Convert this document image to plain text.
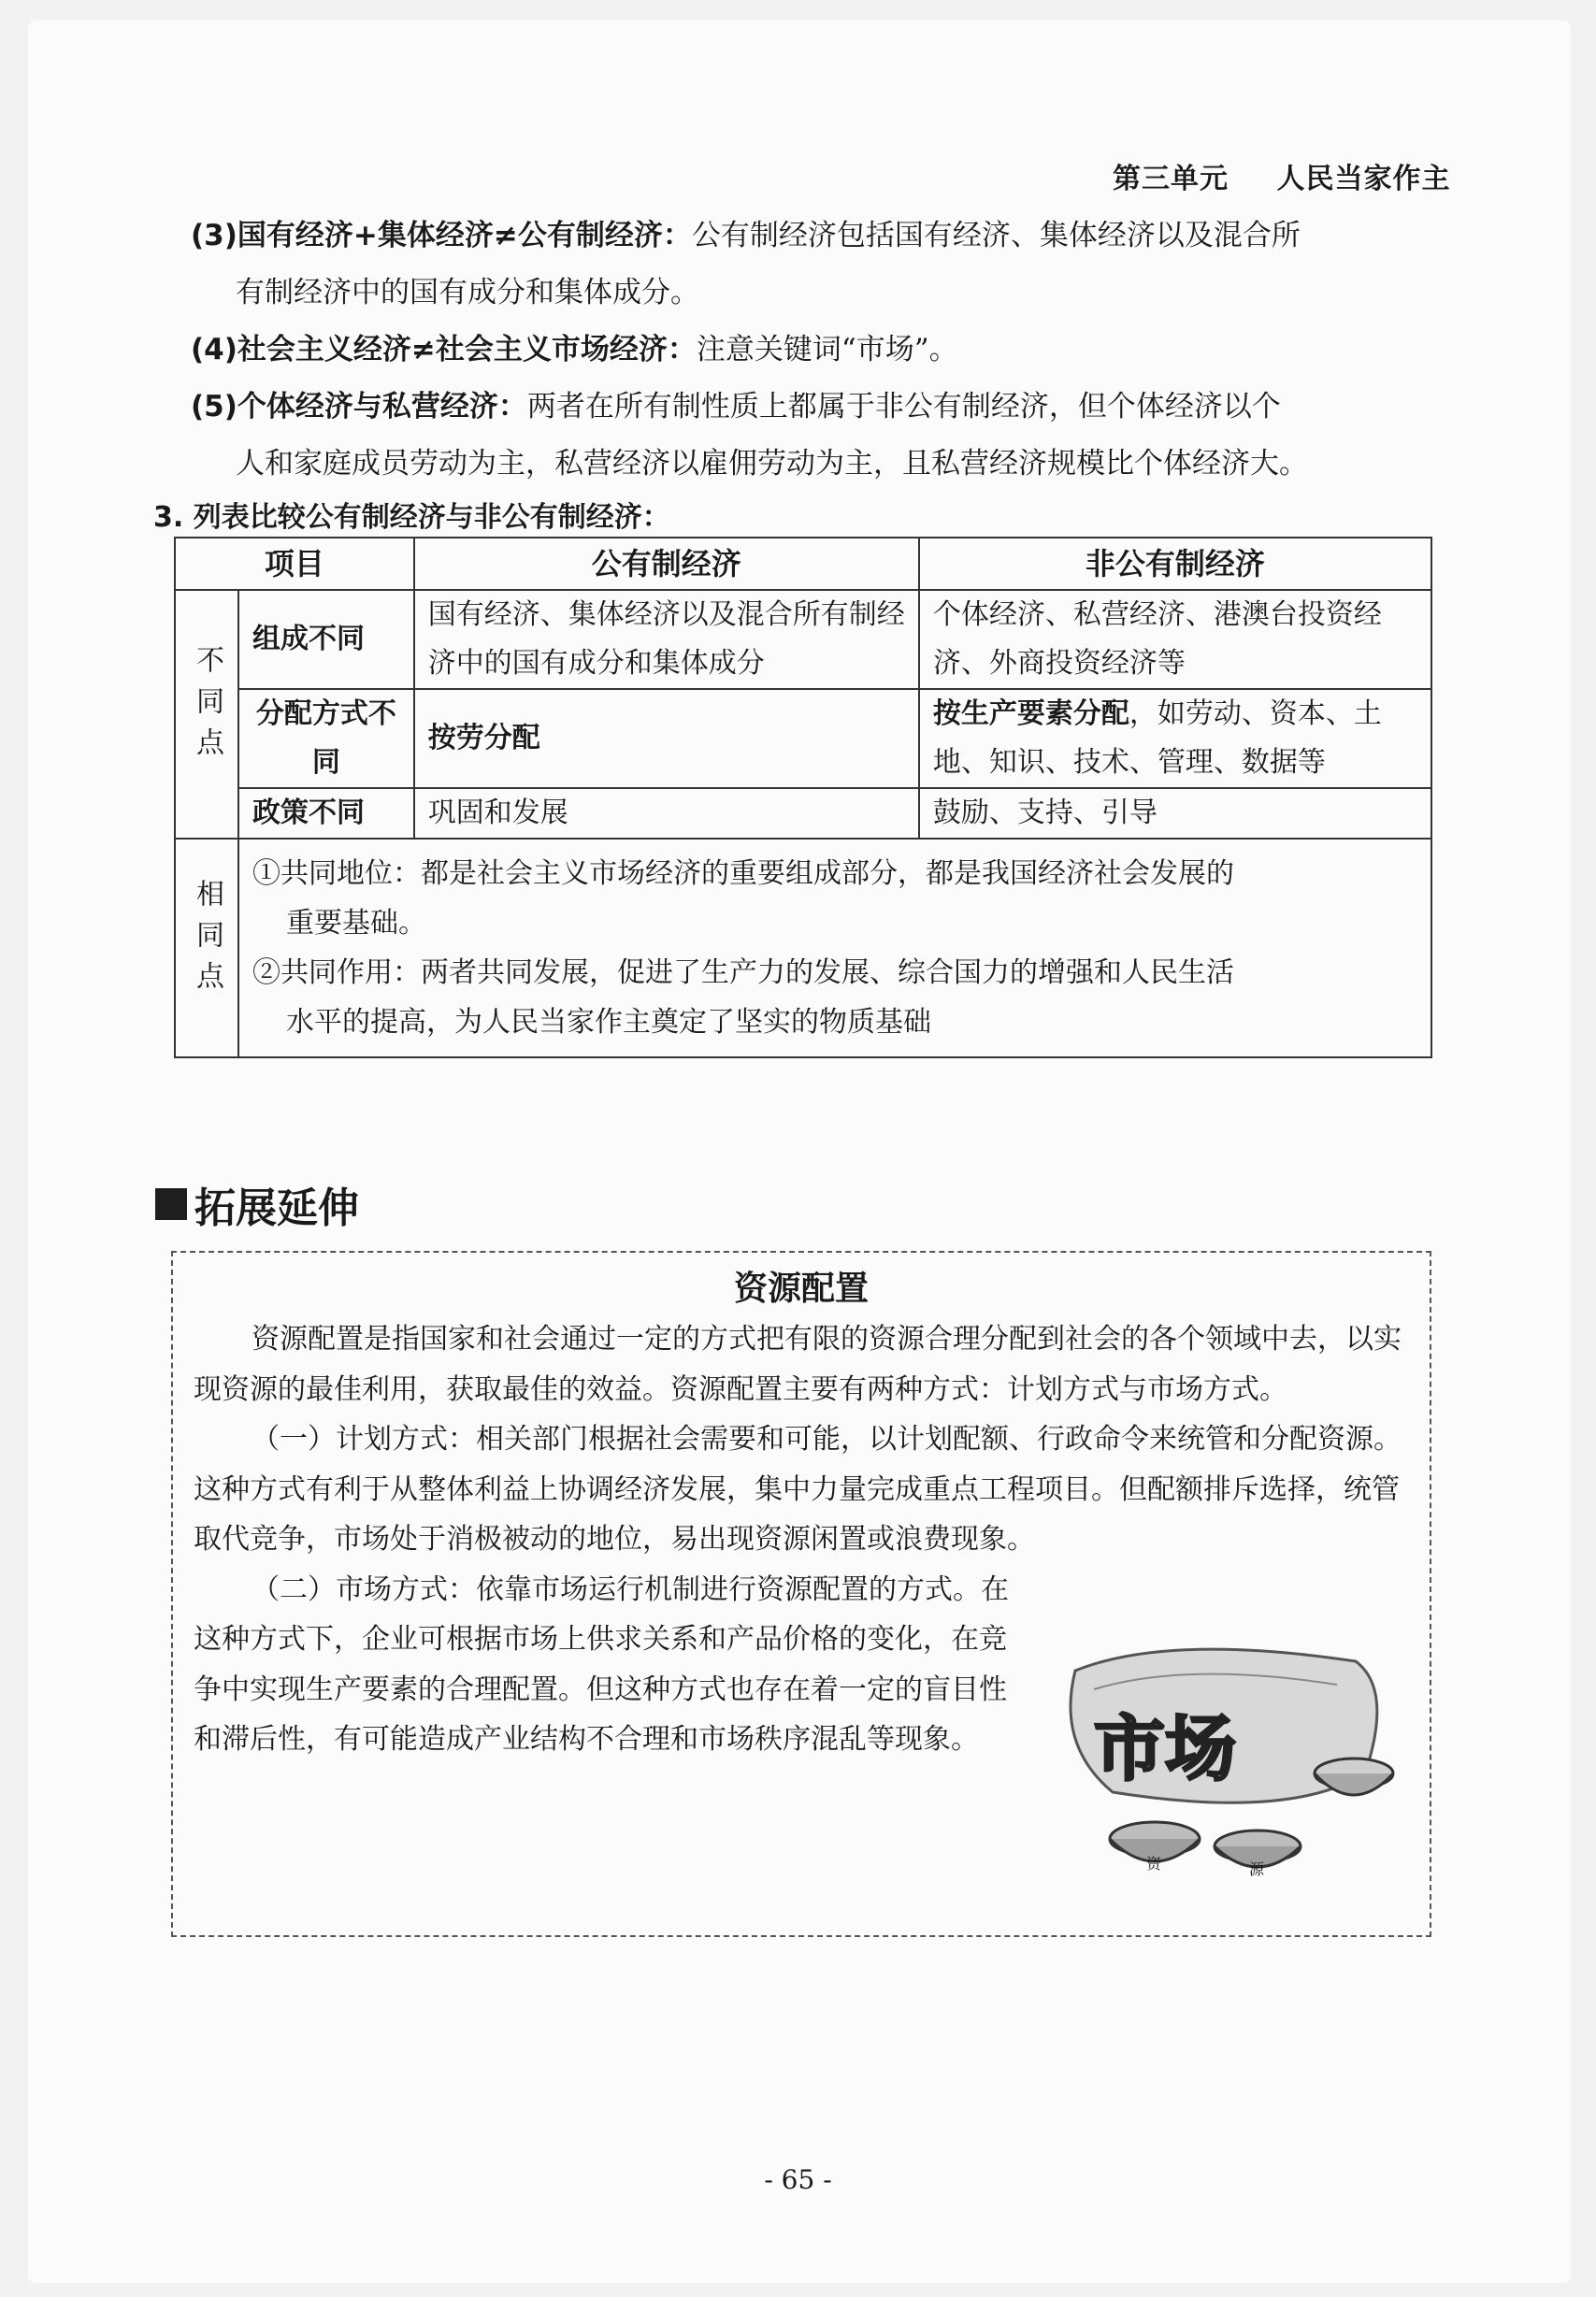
第三单元 人民当家作主
(3)国有经济+集体经济≠公有制经济：公有制经济包括国有经济、集体经济以及混合所
有制经济中的国有成分和集体成分。
(4)社会主义经济≠社会主义市场经济：注意关键词“市场”。
(5)个体经济与私营经济：两者在所有制性质上都属于非公有制经济，但个体经济以个
人和家庭成员劳动为主，私营经济以雇佣劳动为主，且私营经济规模比个体经济大。
3. 列表比较公有制经济与非公有制经济：
项目		公有制经济	非公有制经济
不同点	组成不同	国有经济、集体经济以及混合所有制经济中的国有成分和集体成分	个体经济、私营经济、港澳台投资经济、外商投资经济等
	分配方式不同	按劳分配	按生产要素分配，如劳动、资本、土地、知识、技术、管理、数据等
	政策不同	巩固和发展	鼓励、支持、引导
相同点	①共同地位：都是社会主义市场经济的重要组成部分，都是我国经济社会发展的

重要基础。

②共同作用：两者共同发展，促进了生产力的发展、综合国力的增强和人民生活

水平的提高，为人民当家作主奠定了坚实的物质基础		

拓展延伸
资源配置

资源配置是指国家和社会通过一定的方式把有限的资源合理分配到社会的各个领域中去，以实现资源的最佳利用，获取最佳的效益。资源配置主要有两种方式：计划方式与市场方式。

（一）计划方式：相关部门根据社会需要和可能，以计划配额、行政命令来统管和分配资源。这种方式有利于从整体利益上协调经济发展，集中力量完成重点工程项目。但配额排斥选择，统管取代竞争，市场处于消极被动的地位，易出现资源闲置或浪费现象。

（二）市场方式：依靠市场运行机制进行资源配置的方式。在这种方式下，企业可根据市场上供求关系和产品价格的变化，在竞争中实现生产要素的合理配置。但这种方式也存在着一定的盲目性和滞后性，有可能造成产业结构不合理和市场秩序混乱等现象。	市场
资	源
- 65 -
